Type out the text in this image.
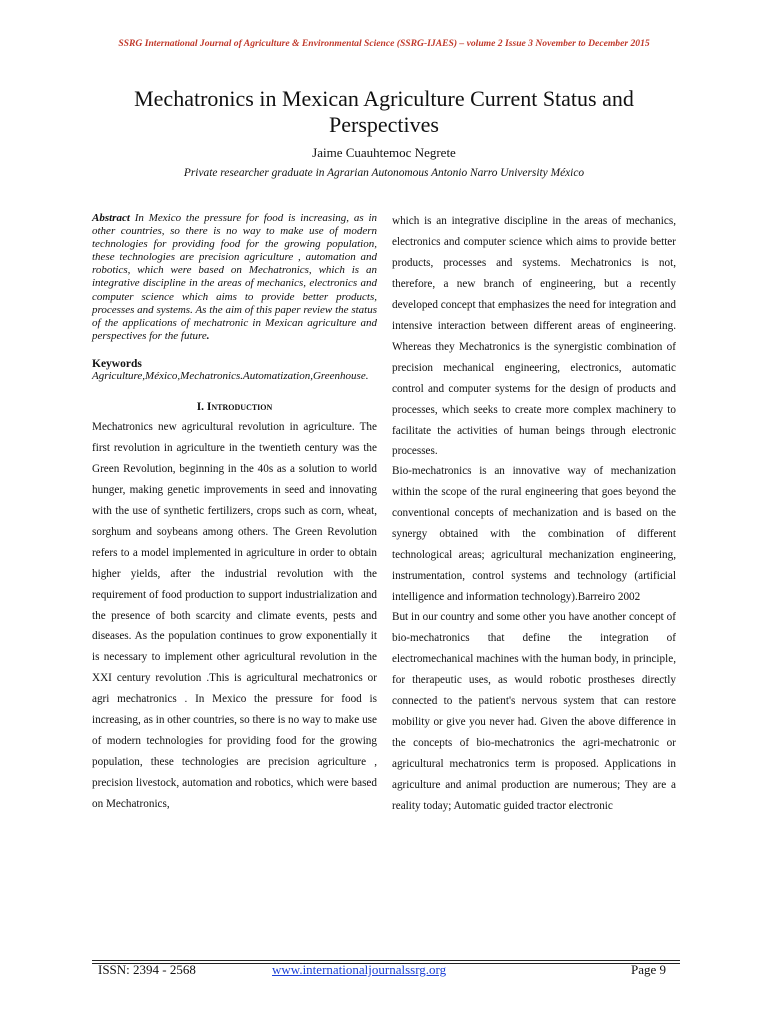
SSRG International Journal of Agriculture & Environmental Science (SSRG-IJAES) – volume 2 Issue 3 November to December 2015
Mechatronics in Mexican Agriculture Current Status and Perspectives
Jaime Cuauhtemoc Negrete
Private researcher graduate in Agrarian Autonomous Antonio Narro University México

Abstract In Mexico the pressure for food is increasing, as in other countries, so there is no way to make use of modern technologies for providing food for the growing population, these technologies are precision agriculture , automation and robotics, which were based on Mechatronics, which is an integrative discipline in the areas of mechanics, electronics and computer science which aims to provide better products, processes and systems. As the aim of this paper review the status of the applications of mechatronic in Mexican agriculture and perspectives for the future.

Keywords

Agriculture,México,Mechatronics.Automatization,Greenhouse.

I. Introduction

Mechatronics new agricultural revolution in agriculture. The first revolution in agriculture in the twentieth century was the Green Revolution, beginning in the 40s as a solution to world hunger, making genetic improvements in seed and innovating with the use of synthetic fertilizers, crops such as corn, wheat, sorghum and soybeans among others. The Green Revolution refers to a model implemented in agriculture in order to obtain higher yields, after the industrial revolution with the requirement of food production to support industrialization and the presence of both scarcity and climate events, pests and diseases. As the population continues to grow exponentially it is necessary to implement other agricultural revolution in the XXI century revolution .This is agricultural mechatronics or agri mechatronics . In Mexico the pressure for food is increasing, as in other countries, so there is no way to make use of modern technologies for providing food for the growing population, these technologies are precision agriculture , precision livestock, automation and robotics, which were based on Mechatronics,

which is an integrative discipline in the areas of mechanics, electronics and computer science which aims to provide better products, processes and systems. Mechatronics is not, therefore, a new branch of engineering, but a recently developed concept that emphasizes the need for integration and intensive interaction between different areas of engineering. Whereas they Mechatronics is the synergistic combination of precision mechanical engineering, electronics, automatic control and computer systems for the design of products and processes, which seeks to create more complex machinery to facilitate the activities of human beings through electronic processes.

Bio-mechatronics is an innovative way of mechanization within the scope of the rural engineering that goes beyond the conventional concepts of mechanization and is based on the synergy obtained with the combination of different technological areas; agricultural mechanization engineering, instrumentation, control systems and technology (artificial intelligence and information technology).Barreiro 2002

But in our country and some other you have another concept of bio-mechatronics that define the integration of electromechanical machines with the human body, in principle, for therapeutic uses, as would robotic prostheses directly connected to the patient's nervous system that can restore mobility or give you never had. Given the above difference in the concepts of bio-mechatronics the agri-mechatronic or agricultural mechatronics term is proposed. Applications in agriculture and animal production are numerous; They are a reality today; Automatic guided tractor electronic

ISSN: 2394 - 2568	www.internationaljournalssrg.org	Page 9
